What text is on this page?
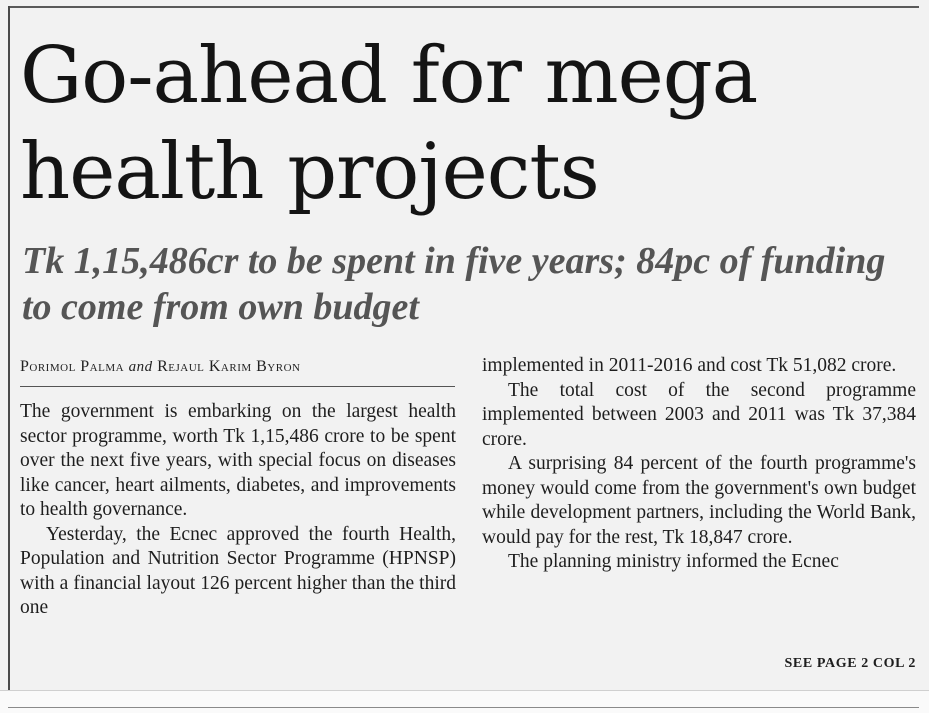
Go-ahead for mega health projects
Tk 1,15,486cr to be spent in five years; 84pc of funding to come from own budget
Porimol Palma and Rejaul Karim Byron

The government is embarking on the largest health sector programme, worth Tk 1,15,486 crore to be spent over the next five years, with special focus on diseases like cancer, heart ailments, diabetes, and improvements to health governance.

Yesterday, the Ecnec approved the fourth Health, Population and Nutrition Sector Programme (HPNSP) with a financial layout 126 percent higher than the third one

implemented in 2011-2016 and cost Tk 51,082 crore.

The total cost of the second programme implemented between 2003 and 2011 was Tk 37,384 crore.

A surprising 84 percent of the fourth programme's money would come from the government's own budget while development partners, including the World Bank, would pay for the rest, Tk 18,847 crore.

The planning ministry informed the Ecnec

SEE PAGE 2 COL 2
